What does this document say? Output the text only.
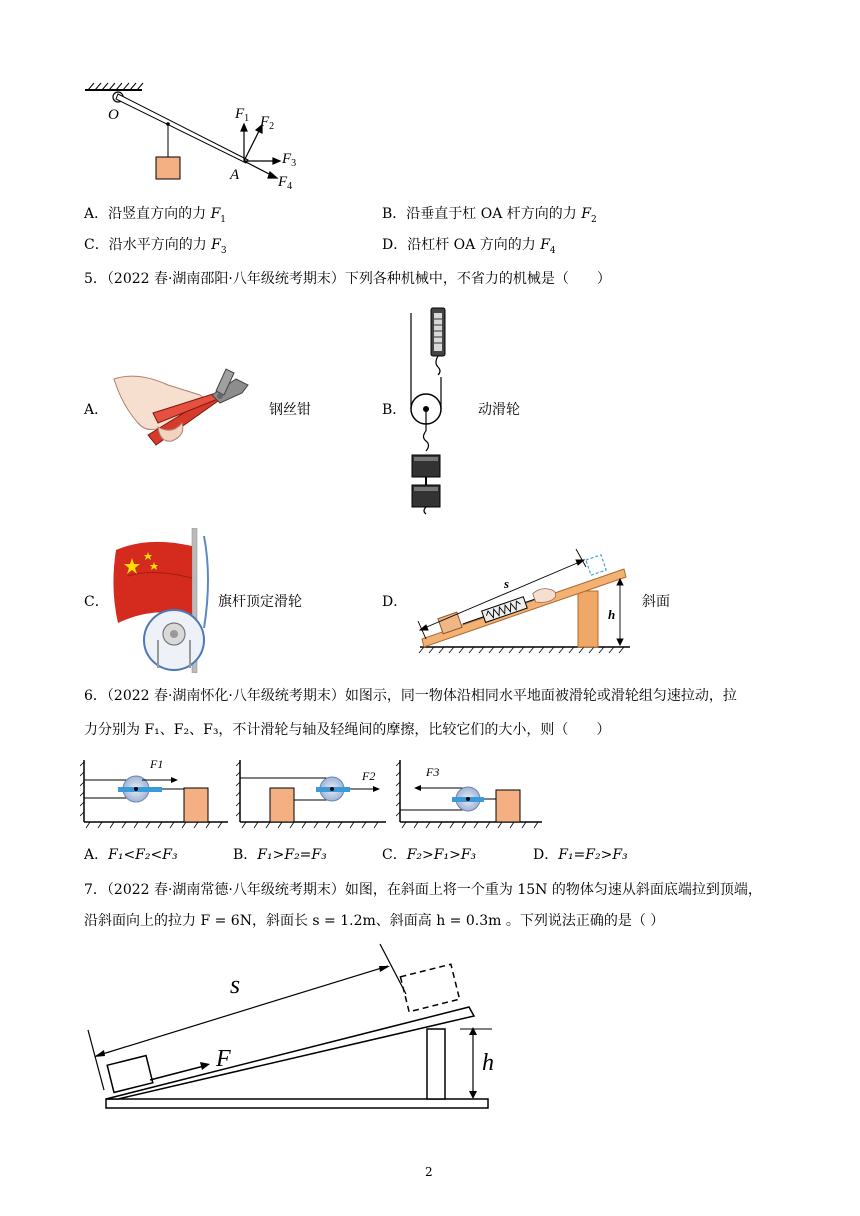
O
A
$F_1$ $F_2$
$F_3$
$F_4$
A．沿竖直方向的力 $F_1$	B．沿垂直于杠 OA 杆方向的力 $F_2$
C．沿水平方向的力 $F_3$	D．沿杠杆 OA 方向的力 $F_4$
5．（2022 春·湖南邵阳·八年级统考期末）下列各种机械中，不省力的机械是（　　）
A．	钢丝钳	B．	动滑轮
C．	旗杆顶定滑轮	D．
s
h
斜面
6．（2022 春·湖南怀化·八年级统考期末）如图示，同一物体沿相同水平地面被滑轮或滑轮组匀速拉动，拉
力分别为 F₁、F₂、F₃，不计滑轮与轴及轻绳间的摩擦，比较它们的大小，则（　　）
F1
F2	F3
A．F₁<F₂<F₃	B．F₁>F₂=F₃	C．F₂>F₁>F₃	D．F₁=F₂>F₃
7．（2022 春·湖南常德·八年级统考期末）如图，在斜面上将一个重为 15N 的物体匀速从斜面底端拉到顶端，
沿斜面向上的拉力 F = 6N，斜面长 s = 1.2m、斜面高 h = 0.3m 。下列说法正确的是（ ）
s
F	h
2
